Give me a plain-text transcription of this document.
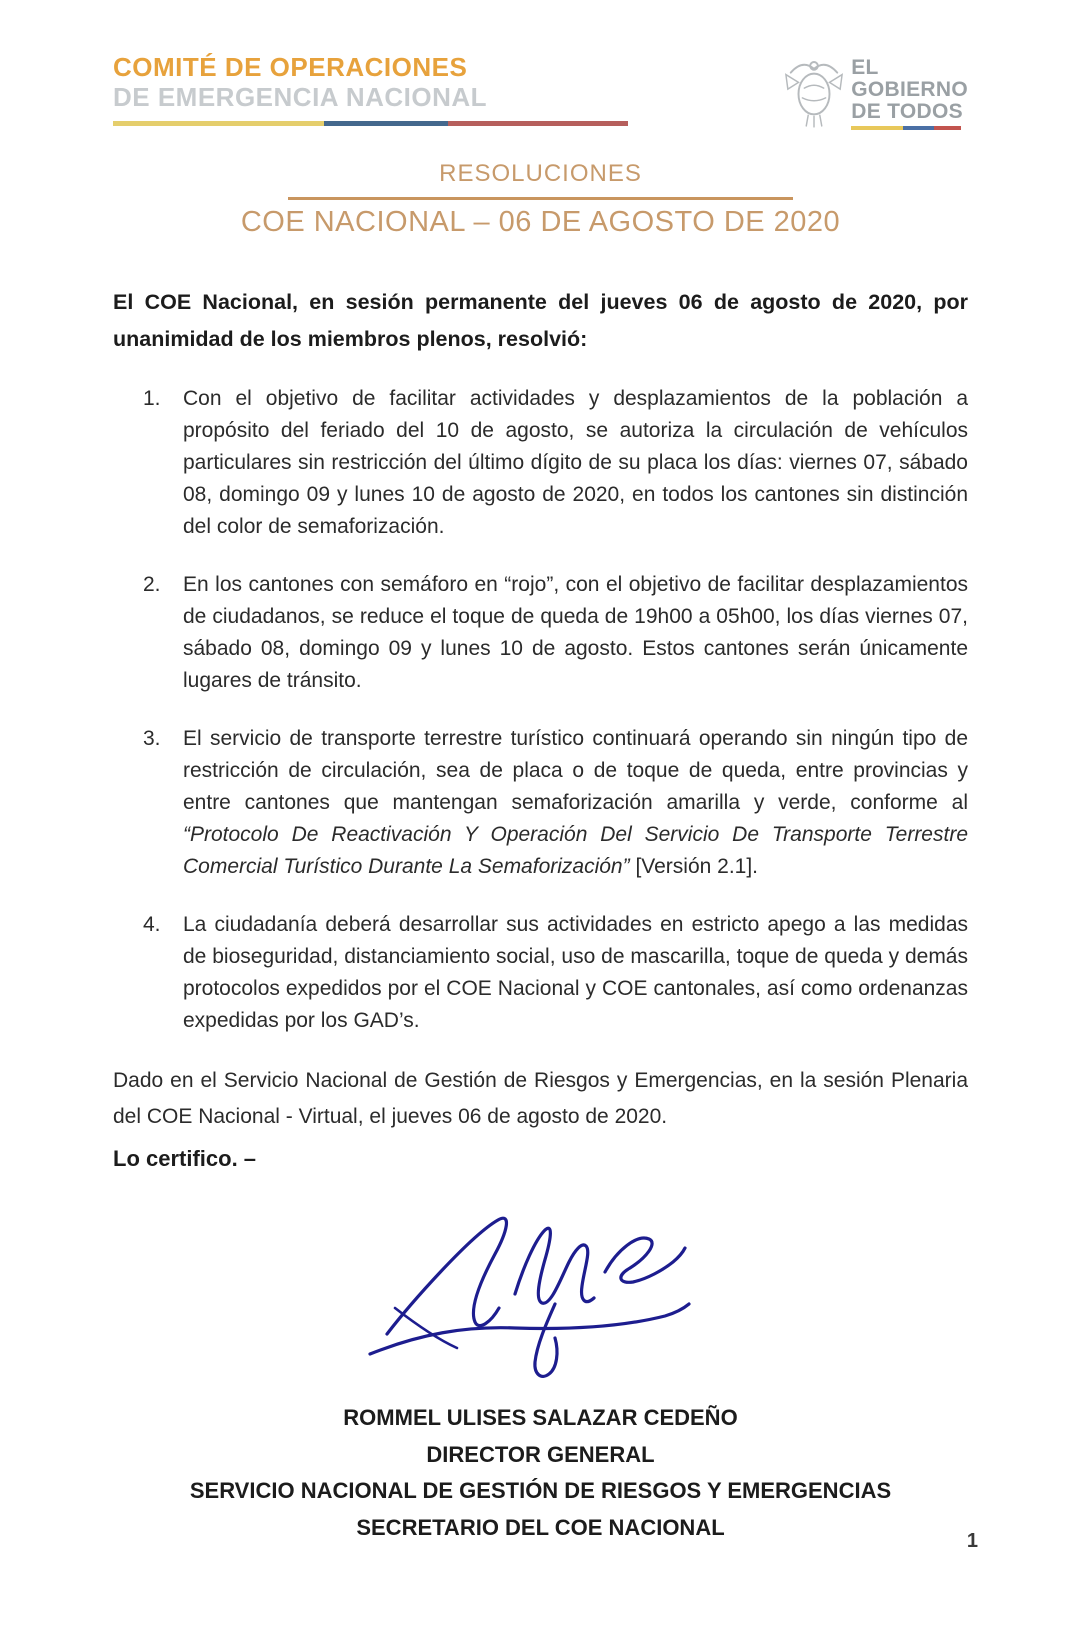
COMITÉ DE OPERACIONES
DE EMERGENCIA NACIONAL
EL
GOBIERNO
DE TODOS
RESOLUCIONES
COE NACIONAL – 06 DE AGOSTO DE 2020

El COE Nacional, en sesión permanente del jueves 06 de agosto de 2020, por unanimidad de los miembros plenos, resolvió:

1.	Con el objetivo de facilitar actividades y desplazamientos de la población a propósito del feriado del 10 de agosto, se autoriza la circulación de vehículos particulares sin restricción del último dígito de su placa los días: viernes 07, sábado 08, domingo 09 y lunes 10 de agosto de 2020, en todos los cantones sin distinción del color de semaforización.
2.	En los cantones con semáforo en “rojo”, con el objetivo de facilitar desplazamientos de ciudadanos, se reduce el toque de queda de 19h00 a 05h00, los días viernes 07, sábado 08, domingo 09 y lunes 10 de agosto. Estos cantones serán únicamente lugares de tránsito.
3.	El servicio de transporte terrestre turístico continuará operando sin ningún tipo de restricción de circulación, sea de placa o de toque de queda, entre provincias y entre cantones que mantengan semaforización amarilla y verde, conforme al “Protocolo De Reactivación Y Operación Del Servicio De Transporte Terrestre Comercial Turístico Durante La Semaforización” [Versión 2.1].
4.	La ciudadanía deberá desarrollar sus actividades en estricto apego a las medidas de bioseguridad, distanciamiento social, uso de mascarilla, toque de queda y demás protocolos expedidos por el COE Nacional y COE cantonales, así como ordenanzas expedidas por los GAD’s.

Dado en el Servicio Nacional de Gestión de Riesgos y Emergencias, en la sesión Plenaria del COE Nacional - Virtual, el jueves 06 de agosto de 2020.

Lo certifico. –

ROMMEL ULISES SALAZAR CEDEÑO
DIRECTOR GENERAL
SERVICIO NACIONAL DE GESTIÓN DE RIESGOS Y EMERGENCIAS
SECRETARIO DEL COE NACIONAL
1
